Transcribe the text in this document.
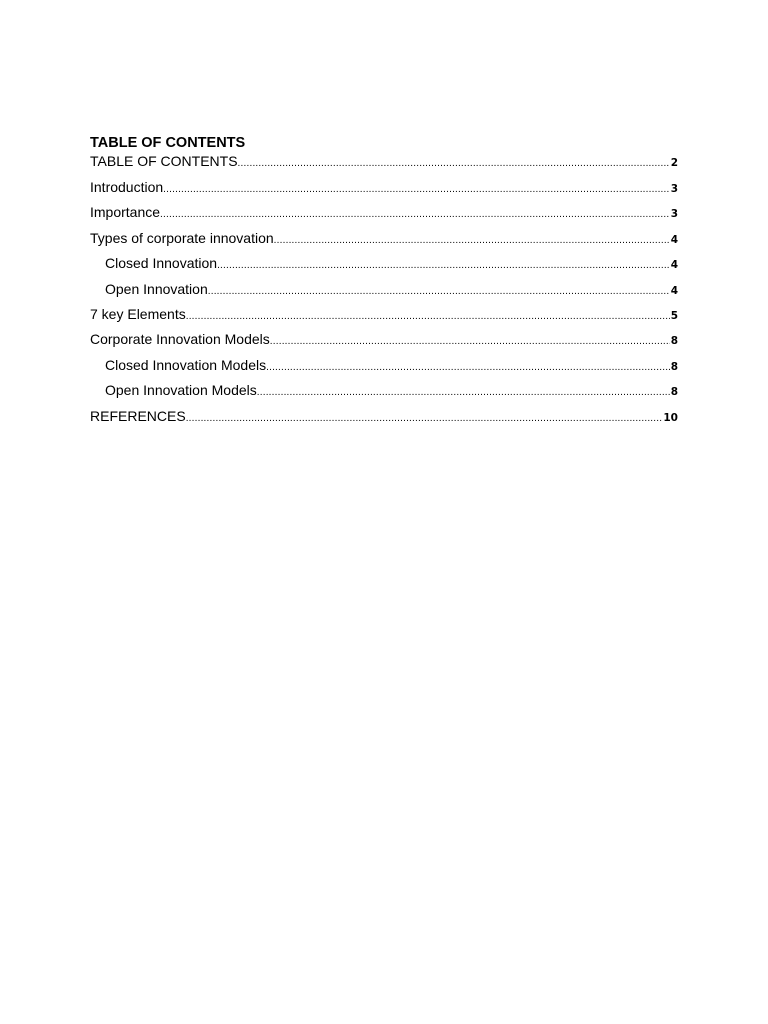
TABLE OF CONTENTS
TABLE OF CONTENTS .....	2
Introduction .....	3
Importance .....	3
Types of corporate innovation .....	4
Closed Innovation .....	4
Open Innovation .....	4
7 key Elements .....	5
Corporate Innovation Models .....	8
Closed Innovation Models .....	8
Open Innovation Models .....	8
REFERENCES .....	10
